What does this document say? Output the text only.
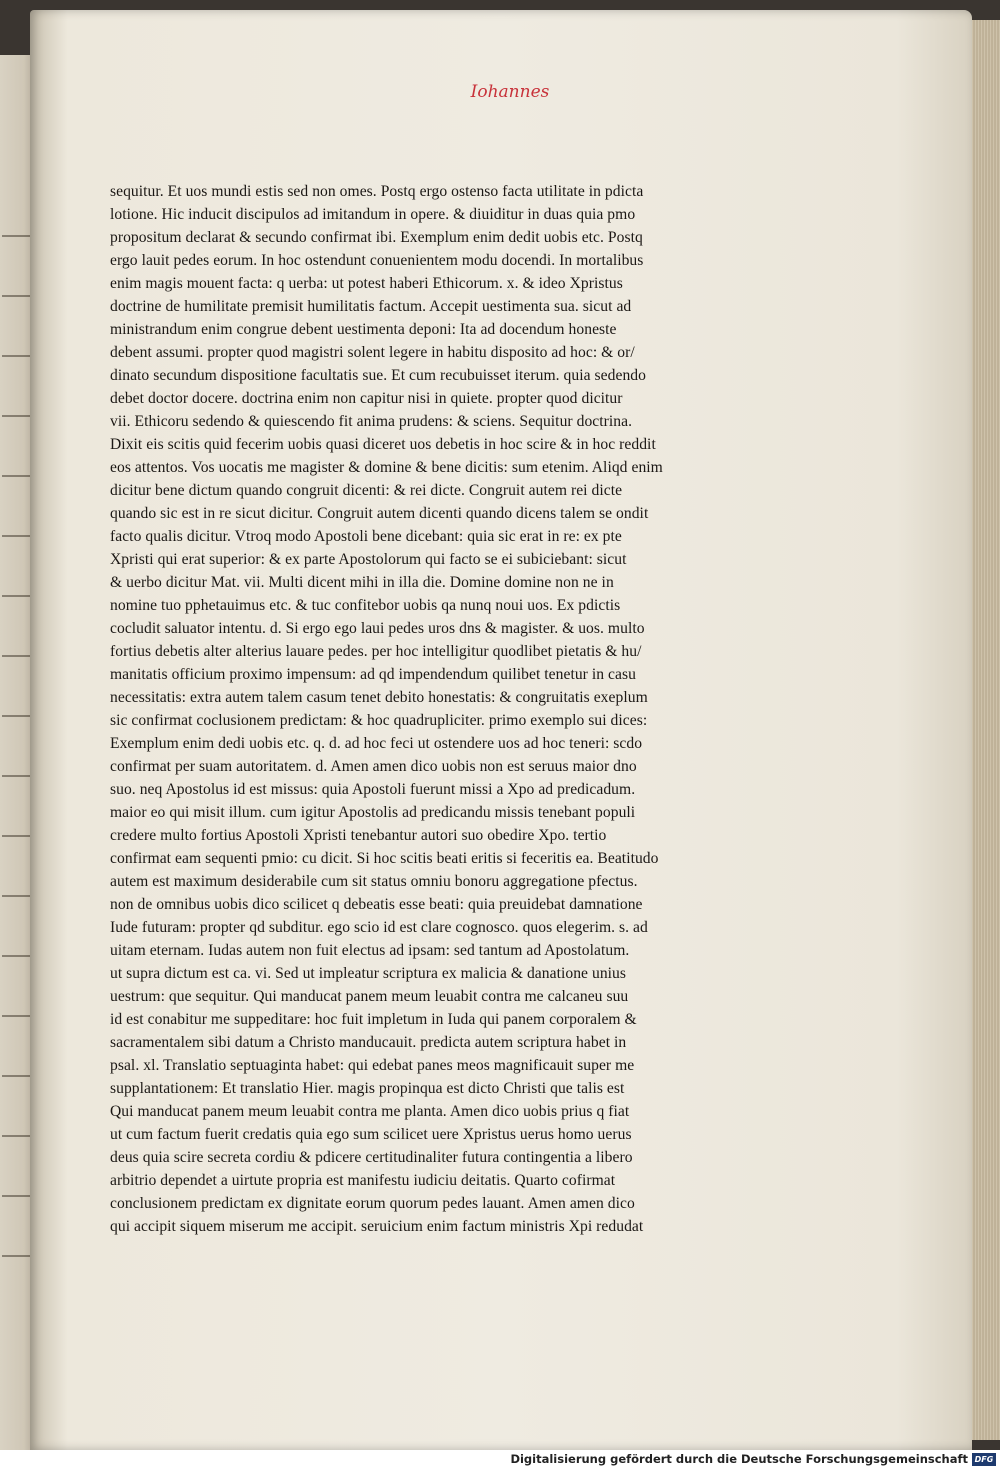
Iohannes
sequitur. Et uos mundi estis sed non omes. Postq ergo ostenso facta utilitate in pdicta
lotione. Hic inducit discipulos ad imitandum in opere. & diuiditur in duas quia pmo
propositum declarat & secundo confirmat ibi. Exemplum enim dedit uobis etc. Postq
ergo lauit pedes eorum. In hoc ostendunt conuenientem modu docendi. In mortalibus
enim magis mouent facta: q uerba: ut potest haberi Ethicorum. x. & ideo Xpristus
doctrine de humilitate premisit humilitatis factum. Accepit uestimenta sua. sicut ad
ministrandum enim congrue debent uestimenta deponi: Ita ad docendum honeste
debent assumi. propter quod magistri solent legere in habitu disposito ad hoc: & or/
dinato secundum dispositione facultatis sue. Et cum recubuisset iterum. quia sedendo
debet doctor docere. doctrina enim non capitur nisi in quiete. propter quod dicitur
vii. Ethicoru sedendo & quiescendo fit anima prudens: & sciens. Sequitur doctrina.
Dixit eis scitis quid fecerim uobis quasi diceret uos debetis in hoc scire & in hoc reddit
eos attentos. Vos uocatis me magister & domine & bene dicitis: sum etenim. Aliqd enim
dicitur bene dictum quando congruit dicenti: & rei dicte. Congruit autem rei dicte
quando sic est in re sicut dicitur. Congruit autem dicenti quando dicens talem se ondit
facto qualis dicitur. Vtroq modo Apostoli bene dicebant: quia sic erat in re: ex pte
Xpristi qui erat superior: & ex parte Apostolorum qui facto se ei subiciebant: sicut
& uerbo dicitur Mat. vii. Multi dicent mihi in illa die. Domine domine non ne in
nomine tuo pphetauimus etc. & tuc confitebor uobis qa nunq noui uos. Ex pdictis
cocludit saluator intentu. d. Si ergo ego laui pedes uros dns & magister. & uos. multo
fortius debetis alter alterius lauare pedes. per hoc intelligitur quodlibet pietatis & hu/
manitatis officium proximo impensum: ad qd impendendum quilibet tenetur in casu
necessitatis: extra autem talem casum tenet debito honestatis: & congruitatis exeplum
sic confirmat coclusionem predictam: & hoc quadrupliciter. primo exemplo sui dices:
Exemplum enim dedi uobis etc. q. d. ad hoc feci ut ostendere uos ad hoc teneri: scdo
confirmat per suam autoritatem. d. Amen amen dico uobis non est seruus maior dno
suo. neq Apostolus id est missus: quia Apostoli fuerunt missi a Xpo ad predicadum.
maior eo qui misit illum. cum igitur Apostolis ad predicandu missis tenebant populi
credere multo fortius Apostoli Xpristi tenebantur autori suo obedire Xpo. tertio
confirmat eam sequenti pmio: cu dicit. Si hoc scitis beati eritis si feceritis ea. Beatitudo
autem est maximum desiderabile cum sit status omniu bonoru aggregatione pfectus.
non de omnibus uobis dico scilicet q debeatis esse beati: quia preuidebat damnatione
Iude futuram: propter qd subditur. ego scio id est clare cognosco. quos elegerim. s. ad
uitam eternam. Iudas autem non fuit electus ad ipsam: sed tantum ad Apostolatum.
ut supra dictum est ca. vi. Sed ut impleatur scriptura ex malicia & danatione unius
uestrum: que sequitur. Qui manducat panem meum leuabit contra me calcaneu suu
id est conabitur me suppeditare: hoc fuit impletum in Iuda qui panem corporalem &
sacramentalem sibi datum a Christo manducauit. predicta autem scriptura habet in
psal. xl. Translatio septuaginta habet: qui edebat panes meos magnificauit super me
supplantationem: Et translatio Hier. magis propinqua est dicto Christi que talis est
Qui manducat panem meum leuabit contra me planta. Amen dico uobis prius q fiat
ut cum factum fuerit credatis quia ego sum scilicet uere Xpristus uerus homo uerus
deus quia scire secreta cordiu & pdicere certitudinaliter futura contingentia a libero
arbitrio dependet a uirtute propria est manifestu iudiciu deitatis. Quarto cofirmat
conclusionem predictam ex dignitate eorum quorum pedes lauant. Amen amen dico
qui accipit siquem miserum me accipit. seruicium enim factum ministris Xpi redudat
Digitalisierung gefördert durch die Deutsche Forschungsgemeinschaft DFG
